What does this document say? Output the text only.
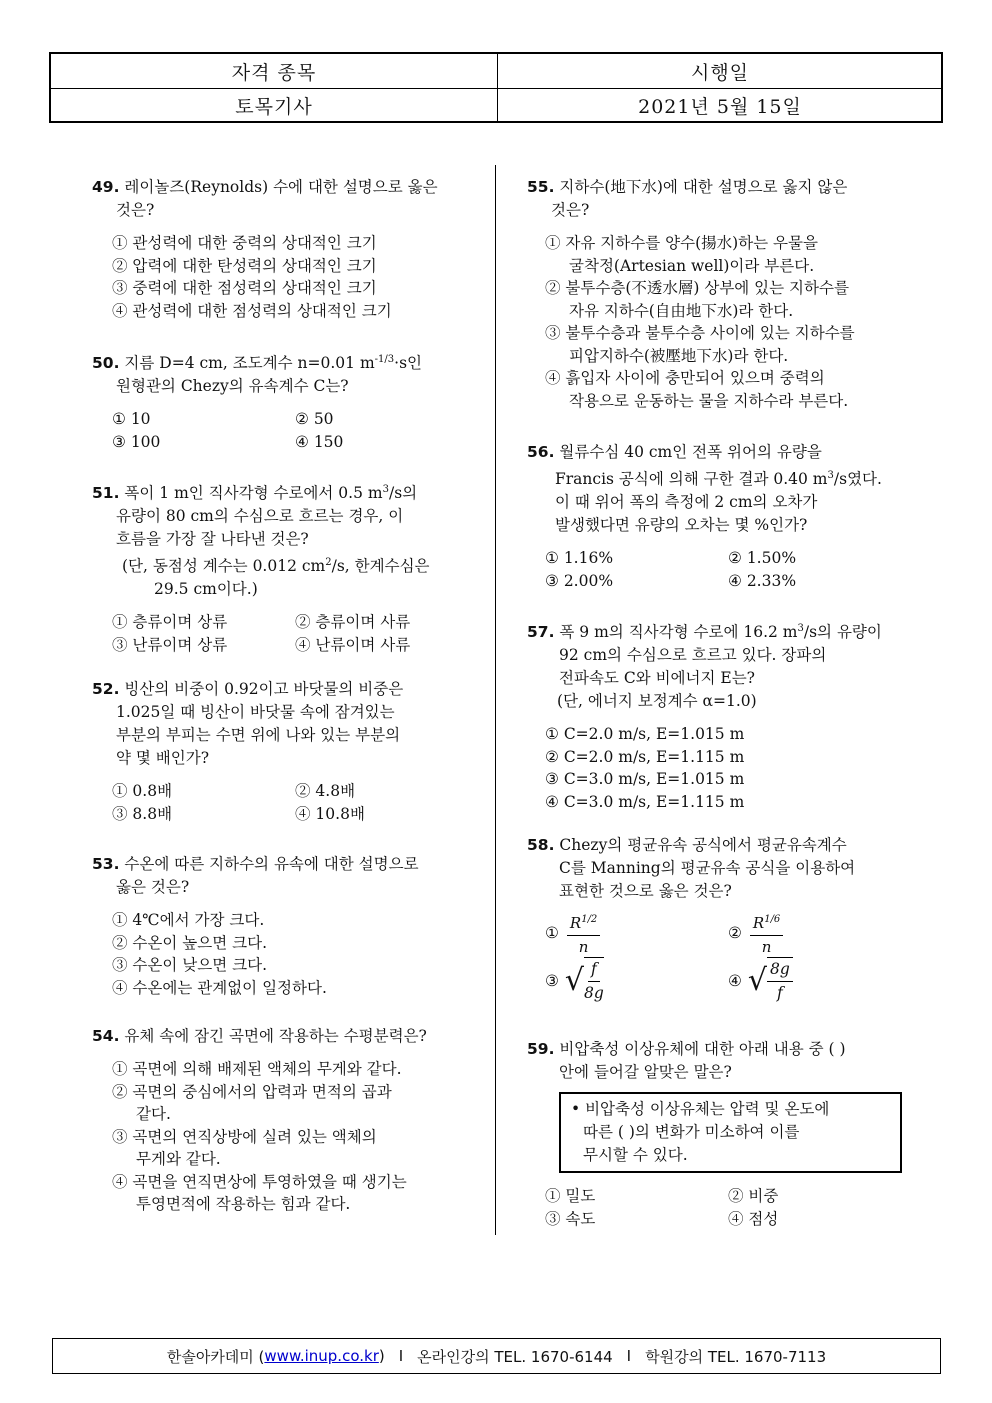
자격 종목	시행일
토목기사	2021년 5월 15일
49. 레이놀즈(Reynolds) 수에 대한 설명으로 옳은
것은?
① 관성력에 대한 중력의 상대적인 크기
② 압력에 대한 탄성력의 상대적인 크기
③ 중력에 대한 점성력의 상대적인 크기
④ 관성력에 대한 점성력의 상대적인 크기
50. 지름 D=4 cm, 조도계수 n=0.01 $m^{-1/3}\cdot s$인
원형관의 Chezy의 유속계수 C는?
① 10	② 50
③ 100	④ 150
51. 폭이 1 m인 직사각형 수로에서 0.5 $m^3/s$의
유량이 80 cm의 수심으로 흐르는 경우, 이
흐름을 가장 잘 나타낸 것은?
(단, 동점성 계수는 0.012 $cm^2/s$, 한계수심은
29.5 cm이다.)
① 층류이며 상류	② 층류이며 사류
③ 난류이며 상류	④ 난류이며 사류
52. 빙산의 비중이 0.92이고 바닷물의 비중은
1.025일 때 빙산이 바닷물 속에 잠겨있는
부분의 부피는 수면 위에 나와 있는 부분의
약 몇 배인가?
① 0.8배	② 4.8배
③ 8.8배	④ 10.8배
53. 수온에 따른 지하수의 유속에 대한 설명으로
옳은 것은?
① 4℃에서 가장 크다.
② 수온이 높으면 크다.
③ 수온이 낮으면 크다.
④ 수온에는 관계없이 일정하다.
54. 유체 속에 잠긴 곡면에 작용하는 수평분력은?
① 곡면에 의해 배제된 액체의 무게와 같다.
② 곡면의 중심에서의 압력과 면적의 곱과
같다.
③ 곡면의 연직상방에 실려 있는 액체의
무게와 같다.
④ 곡면을 연직면상에 투영하였을 때 생기는
투영면적에 작용하는 힘과 같다.
55. 지하수(地下水)에 대한 설명으로 옳지 않은
것은?
① 자유 지하수를 양수(揚水)하는 우물을
굴착정(Artesian well)이라 부른다.
② 불투수층(不透水層) 상부에 있는 지하수를
자유 지하수(自由地下水)라 한다.
③ 불투수층과 불투수층 사이에 있는 지하수를
피압지하수(被壓地下水)라 한다.
④ 흙입자 사이에 충만되어 있으며 중력의
작용으로 운동하는 물을 지하수라 부른다.
56. 월류수심 40 cm인 전폭 위어의 유량을
Francis 공식에 의해 구한 결과 0.40 $m^3/s$였다.
이 때 위어 폭의 측정에 2 cm의 오차가
발생했다면 유량의 오차는 몇 %인가?
① 1.16%	② 1.50%
③ 2.00%	④ 2.33%
57. 폭 9 m의 직사각형 수로에 16.2 $m^3/s$의 유량이
92 cm의 수심으로 흐르고 있다. 장파의
전파속도 C와 비에너지 E는?
(단, 에너지 보정계수 α=1.0)
① C=2.0 m/s, E=1.015 m
② C=2.0 m/s, E=1.115 m
③ C=3.0 m/s, E=1.015 m
④ C=3.0 m/s, E=1.115 m
58. Chezy의 평균유속 공식에서 평균유속계수
C를 Manning의 평균유속 공식을 이용하여
표현한 것으로 옳은 것은?
① $\frac{R^{1/2}}{n}$	② $\frac{R^{1/6}}{n}$
③ √ $\frac{f}{8g}$	④ √ $\frac{8g}{f}$
59. 비압축성 이상유체에 대한 아래 내용 중 ( )
안에 들어갈 알맞은 말은?
• 비압축성 이상유체는 압력 및 온도에
따른 ( )의 변화가 미소하여 이를
무시할 수 있다.
① 밀도	② 비중
③ 속도	④ 점성
한솔아카데미 ( www.inup.co.kr ) I 온라인강의 TEL. 1670-6144 I 학원강의 TEL. 1670-7113
